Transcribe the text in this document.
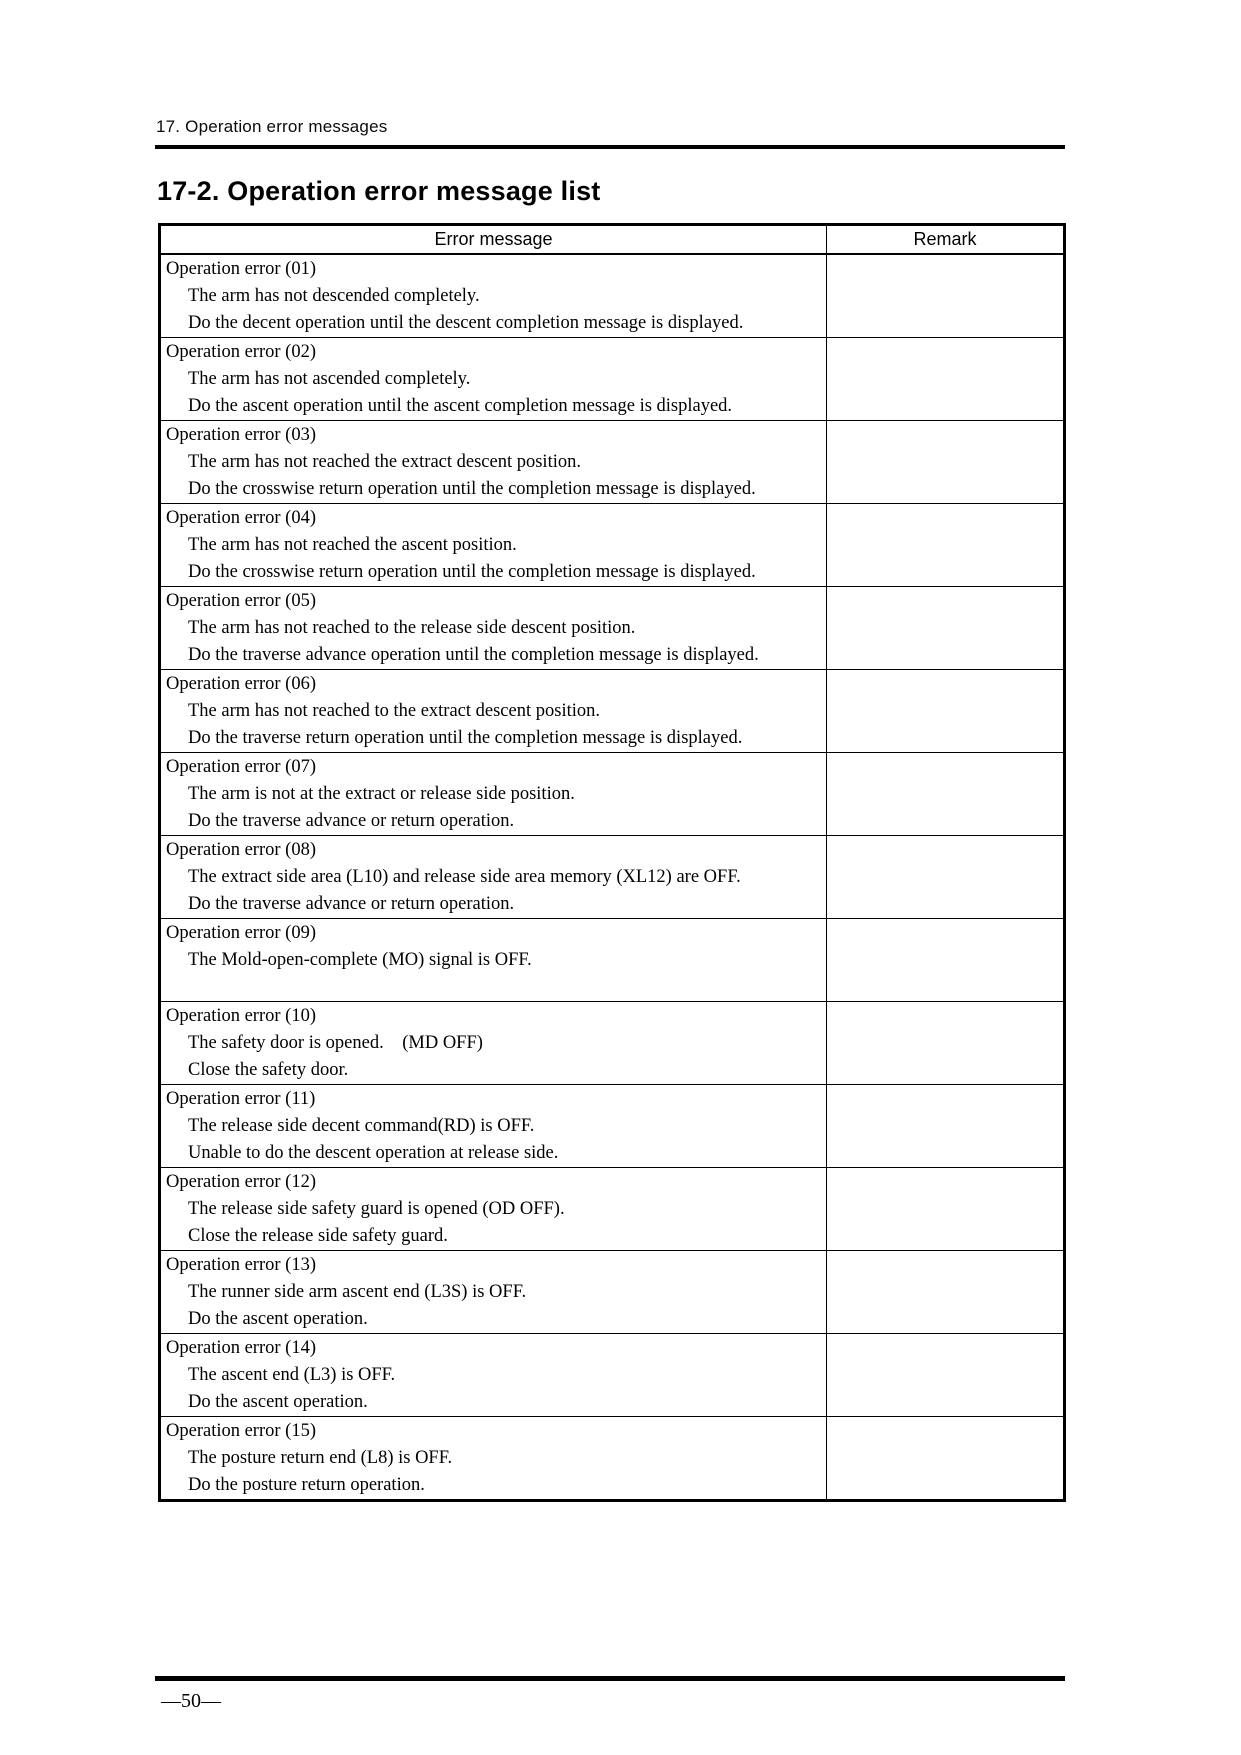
17. Operation error messages
17-2. Operation error message list
Error message	Remark

Operation error (01)
The arm has not descended completely.
Do the decent operation until the descent completion message is displayed.	

Operation error (02)
The arm has not ascended completely.
Do the ascent operation until the ascent completion message is displayed.	

Operation error (03)
The arm has not reached the extract descent position.
Do the crosswise return operation until the completion message is displayed.	

Operation error (04)
The arm has not reached the ascent position.
Do the crosswise return operation until the completion message is displayed.	

Operation error (05)
The arm has not reached to the release side descent position.
Do the traverse advance operation until the completion message is displayed.	

Operation error (06)
The arm has not reached to the extract descent position.
Do the traverse return operation until the completion message is displayed.	

Operation error (07)
The arm is not at the extract or release side position.
Do the traverse advance or return operation.	

Operation error (08)
The extract side area (L10) and release side area memory (XL12) are OFF.
Do the traverse advance or return operation.	

Operation error (09)
The Mold-open-complete (MO) signal is OFF.	

Operation error (10)
The safety door is opened.    (MD OFF)
Close the safety door.	

Operation error (11)
The release side decent command(RD) is OFF.
Unable to do the descent operation at release side.	

Operation error (12)
The release side safety guard is opened (OD OFF).
Close the release side safety guard.	

Operation error (13)
The runner side arm ascent end (L3S) is OFF.
Do the ascent operation.	

Operation error (14)
The ascent end (L3) is OFF.
Do the ascent operation.	

Operation error (15)
The posture return end (L8) is OFF.
Do the posture return operation.	

—50—
